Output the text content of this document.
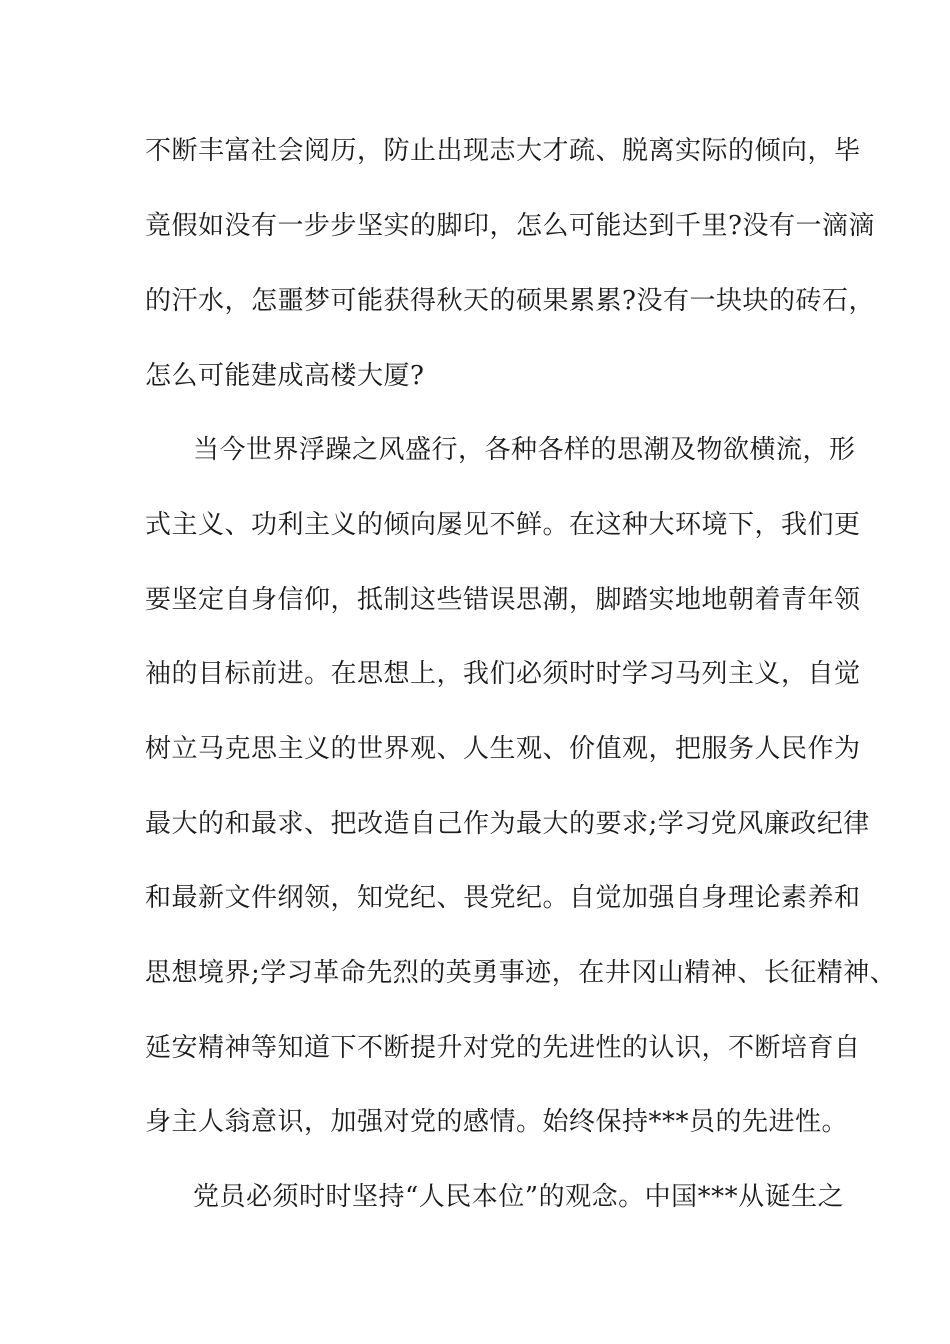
不断丰富社会阅历，防止出现志大才疏、脱离实际的倾向，毕
竟假如没有一步步坚实的脚印，怎么可能达到千里?没有一滴滴
的汗水，怎噩梦可能获得秋天的硕果累累?没有一块块的砖石，
怎么可能建成高楼大厦?
当今世界浮躁之风盛行，各种各样的思潮及物欲横流，形
式主义、功利主义的倾向屡见不鲜。在这种大环境下，我们更
要坚定自身信仰，抵制这些错误思潮，脚踏实地地朝着青年领
袖的目标前进。在思想上，我们必须时时学习马列主义，自觉
树立马克思主义的世界观、人生观、价值观，把服务人民作为
最大的和最求、把改造自己作为最大的要求;学习党风廉政纪律
和最新文件纲领，知党纪、畏党纪。自觉加强自身理论素养和
思想境界;学习革命先烈的英勇事迹，在井冈山精神、长征精神、
延安精神等知道下不断提升对党的先进性的认识，不断培育自
身主人翁意识，加强对党的感情。始终保持***员的先进性。
党员必须时时坚持“人民本位”的观念。中国***从诞生之
